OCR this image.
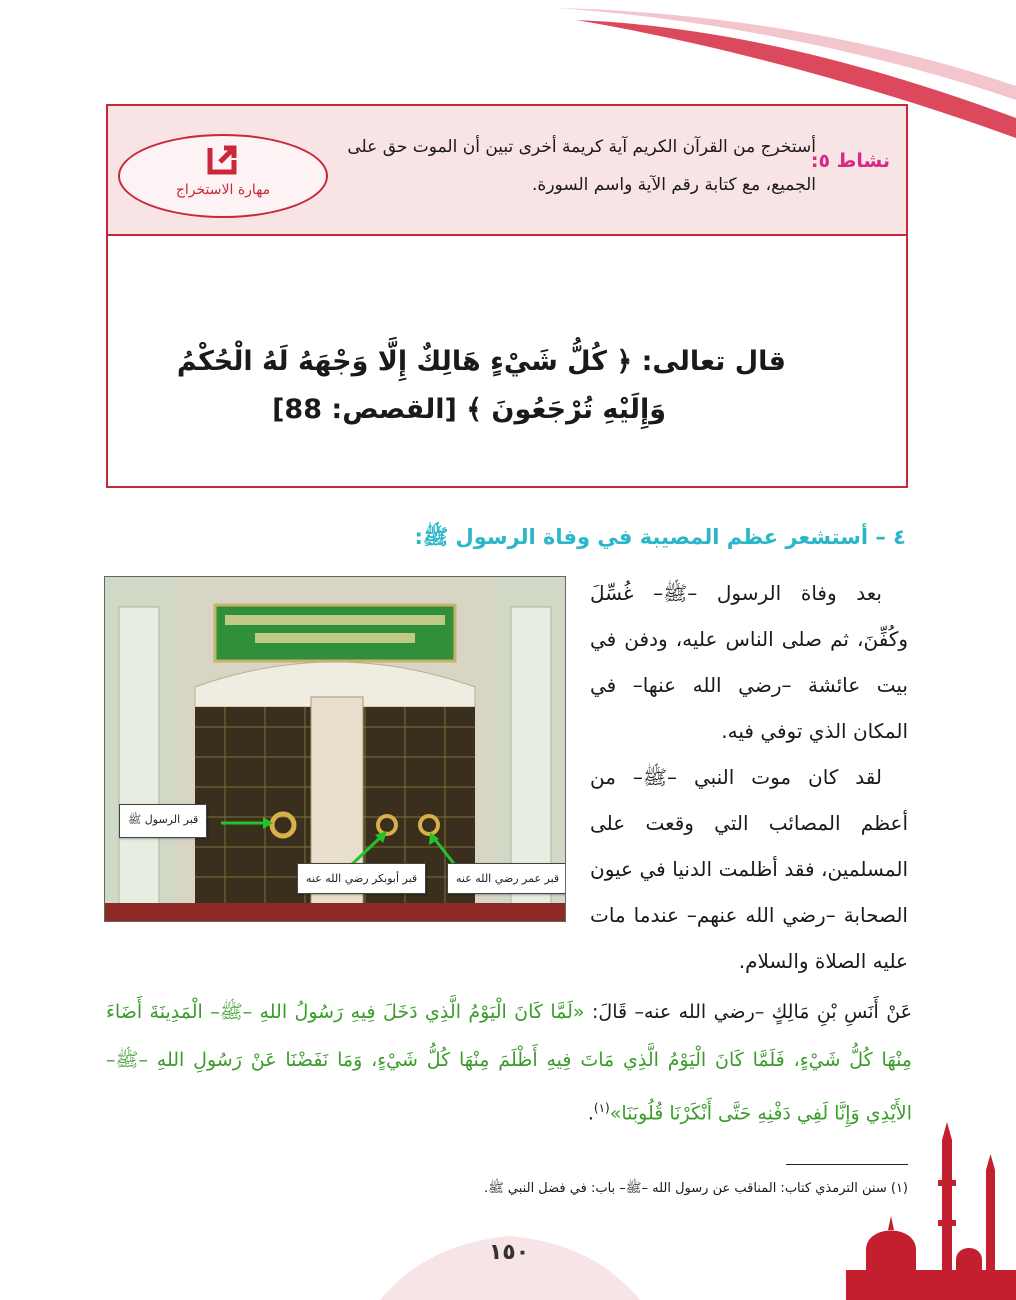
نشاط ٥:
أستخرج من القرآن الكريم آية كريمة أخرى تبين أن الموت حق على الجميع، مع كتابة رقم الآية واسم السورة.
مهارة الاستخراج
قال تعالى: ﴿ كُلُّ شَيْءٍ هَالِكٌ إِلَّا وَجْهَهُ لَهُ الْحُكْمُ
وَإِلَيْهِ تُرْجَعُونَ ﴾ [القصص: 88]
٤ – أستشعر عظم المصيبة في وفاة الرسول ﷺ:
قبر الرسول ﷺ
قبر أبوبكر رضي الله عنه	قبر عمر رضي الله عنه

بعد وفاة الرسول –ﷺ– غُسِّلَ وكُفِّنَ، ثم صلى الناس عليه، ودفن في بيت عائشة –رضي الله عنها– في المكان الذي توفي فيه.

لقد كان موت النبي –ﷺ– من أعظم المصائب التي وقعت على المسلمين، فقد أظلمت الدنيا في عيون الصحابة –رضي الله عنهم– عندما مات عليه الصلاة والسلام.

عَنْ أَنَسِ بْنِ مَالِكٍ –رضي الله عنه– قَالَ: «لَمَّا كَانَ الْيَوْمُ الَّذِي دَخَلَ فِيهِ رَسُولُ اللهِ –ﷺ– الْمَدِينَةَ أَضَاءَ مِنْهَا كُلُّ شَيْءٍ، فَلَمَّا كَانَ الْيَوْمُ الَّذِي مَاتَ فِيهِ أَظْلَمَ مِنْهَا كُلُّ شَيْءٍ، وَمَا نَفَضْنَا عَنْ رَسُولِ اللهِ –ﷺ– الأَيْدِي وَإِنَّا لَفِي دَفْنِهِ حَتَّى أَنْكَرْنَا قُلُوبَنَا»$^{(١)}$.
(١) سنن الترمذي كتاب: المناقب عن رسول الله –ﷺ– باب: في فضل النبي ﷺ.
١٥٠
